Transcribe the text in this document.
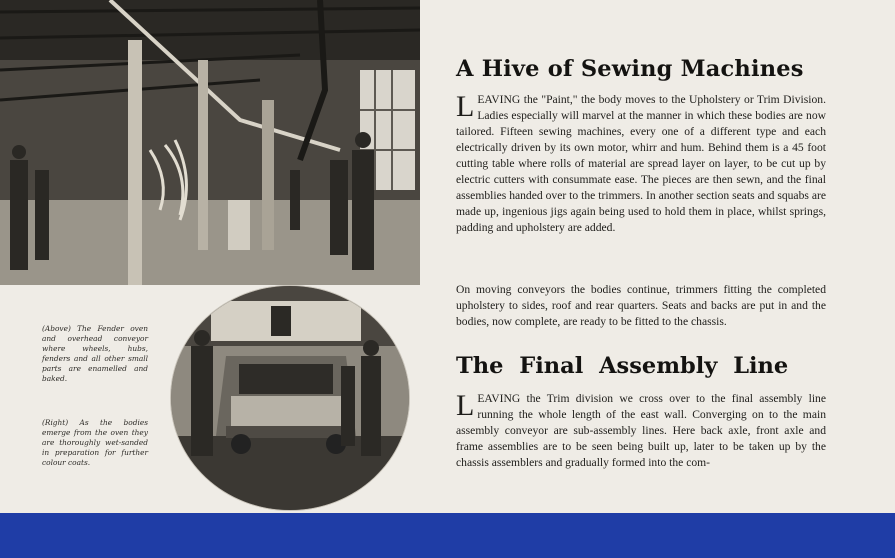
(Above) The Fender oven and overhead conveyor where wheels, hubs, fenders and all other small parts are enamelled and baked.
(Right) As the bodies emerge from the oven they are thoroughly wet-sanded in preparation for further colour coats.
A Hive of Sewing Machines

LEAVING the "Paint," the body moves to the Upholstery or Trim Division. Ladies especially will marvel at the manner in which these bodies are now tailored. Fifteen sewing machines, every one of a different type and each electrically driven by its own motor, whirr and hum. Behind them is a 45 foot cutting table where rolls of material are spread layer on layer, to be cut up by electric cutters with consummate ease. The pieces are then sewn, and the final assemblies handed over to the trimmers. In another section seats and squabs are made up, ingenious jigs again being used to hold them in place, whilst springs, padding and upholstery are added.

On moving conveyors the bodies continue, trimmers fitting the completed upholstery to sides, roof and rear quarters. Seats and backs are put in and the bodies, now complete, are ready to be fitted to the chassis.

The Final Assembly Line

LEAVING the Trim division we cross over to the final assembly line running the whole length of the east wall. Converging on to the main assembly conveyor are sub-assembly lines. Here back axle, front axle and frame assemblies are to be seen being built up, later to be taken up by the chassis assemblers and gradually formed into the com-
